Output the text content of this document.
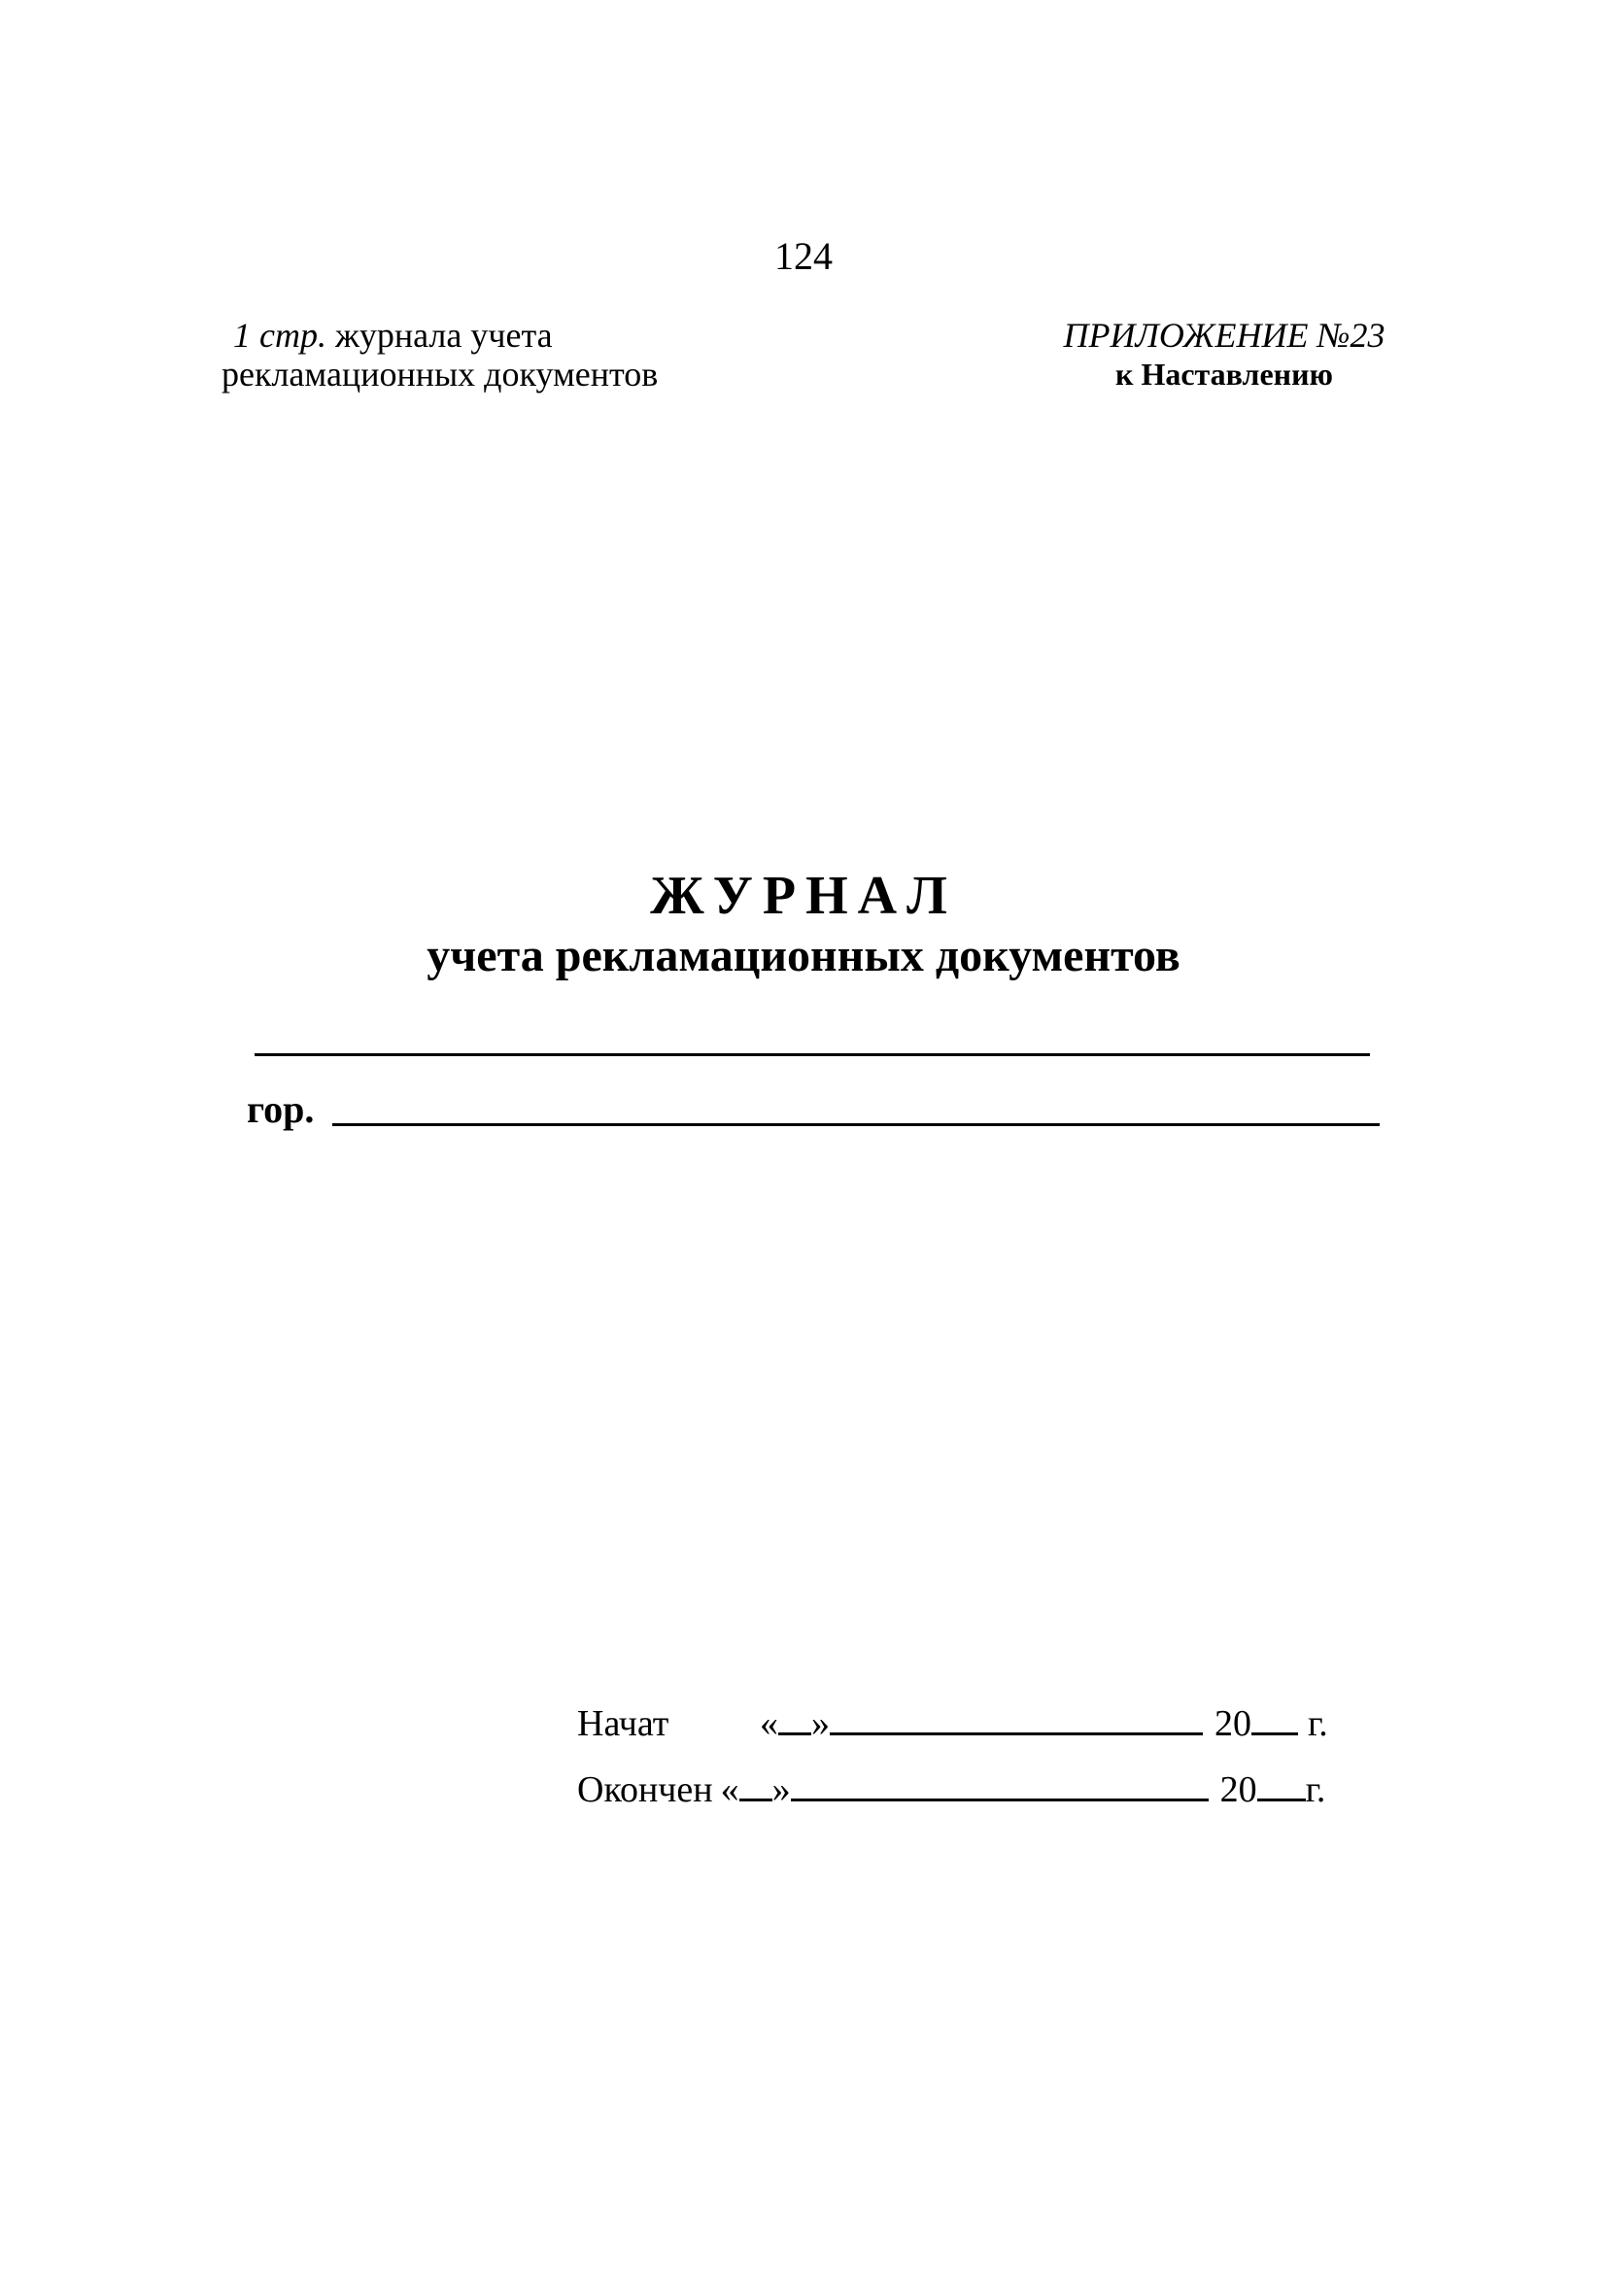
124
1 стр. журнала учета
рекламационных документов
ПРИЛОЖЕНИЕ №23
к Наставлению
ЖУРНАЛ
учета рекламационных документов
гор.
Начат « »	20 г.
Окончен « »	20 г.
